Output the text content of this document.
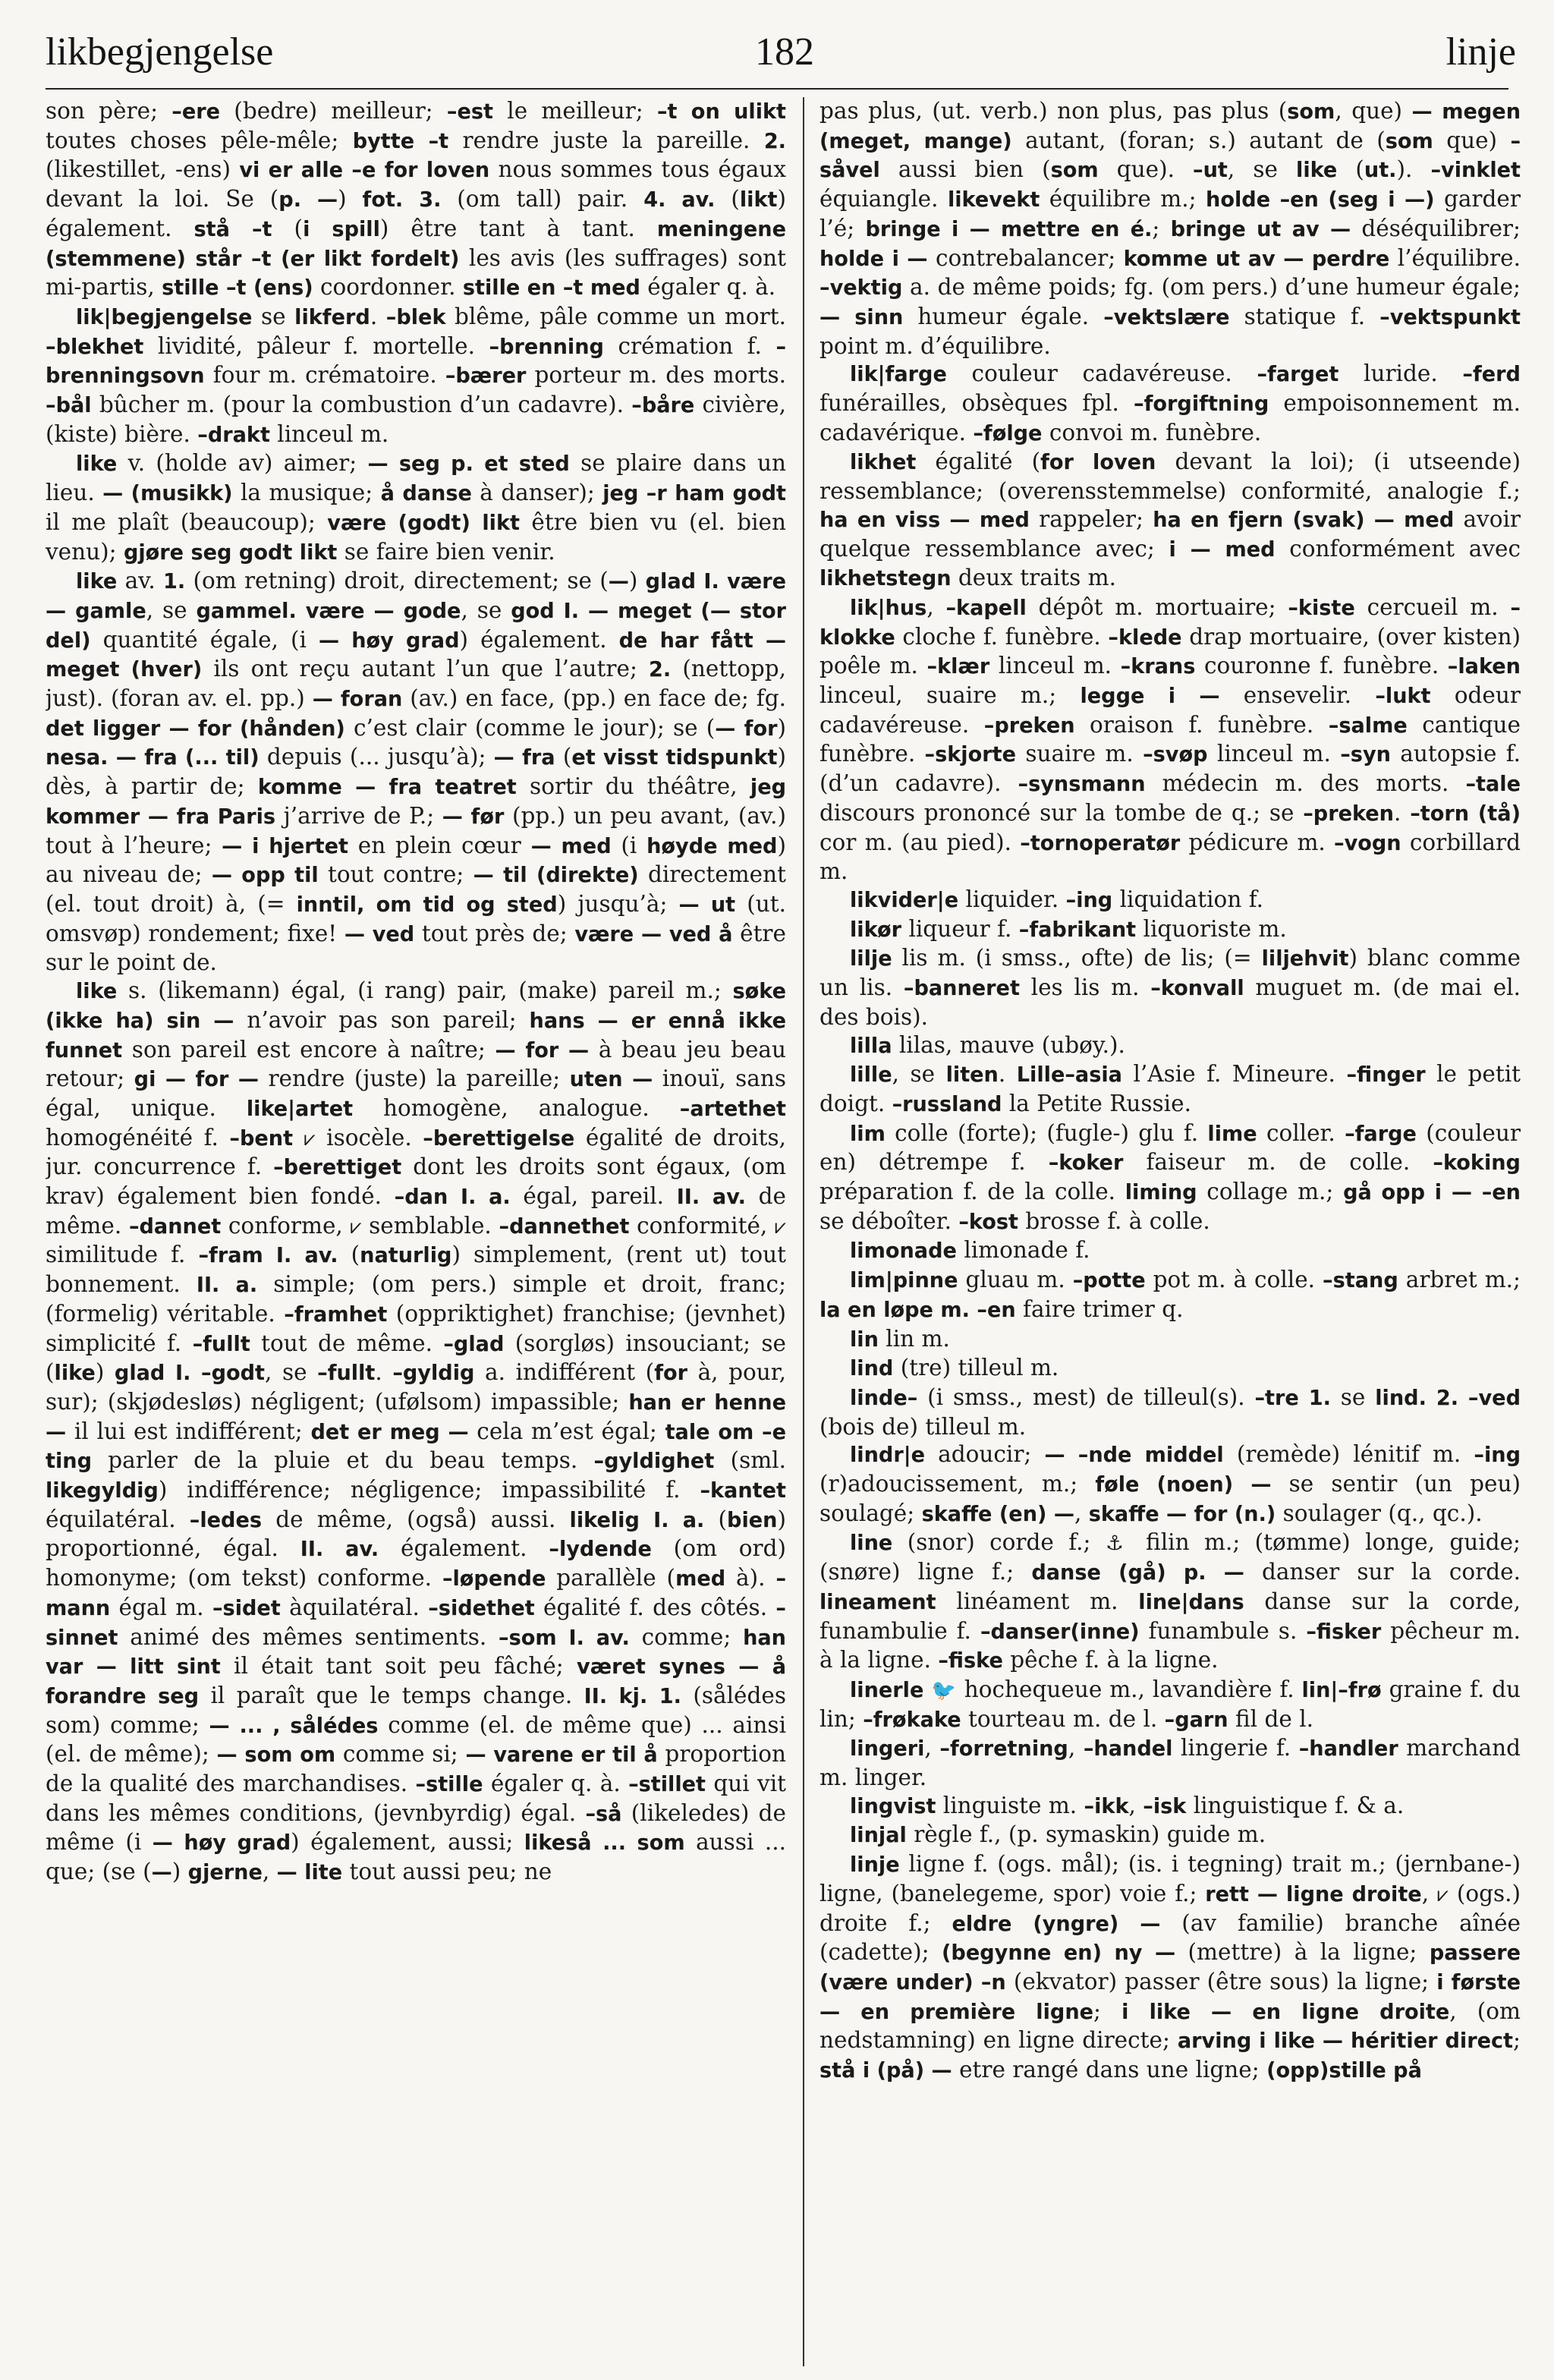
likbegjengelse	182	linje

son père; –ere (bedre) meilleur; –est le meilleur; –t on ulikt toutes choses pêle-mêle; bytte –t rendre juste la pareille. 2. (likestillet, -ens) vi er alle –e for loven nous sommes tous égaux devant la loi. Se (p. —) fot. 3. (om tall) pair. 4. av. (likt) également. stå –t (i spill) être tant à tant. meningene (stemmene) står –t (er likt fordelt) les avis (les suffrages) sont mi-partis, stille –t (ens) coordonner. stille en –t med égaler q. à.

lik|begjengelse se likferd. –blek blême, pâle comme un mort. –blekhet lividité, pâleur f. mortelle. –brenning crémation f. –brenningsovn four m. crématoire. –bærer porteur m. des morts. –bål bûcher m. (pour la combustion d’un cadavre). –båre civière, (kiste) bière. –drakt linceul m.

like v. (holde av) aimer; — seg p. et sted se plaire dans un lieu. — (musikk) la musique; å danse à danser); jeg –r ham godt il me plaît (beaucoup); være (godt) likt être bien vu (el. bien venu); gjøre seg godt likt se faire bien venir.

like av. 1. (om retning) droit, directement; se (—) glad I. være — gamle, se gammel. være — gode, se god I. — meget (— stor del) quantité égale, (i — høy grad) également. de har fått — meget (hver) ils ont reçu autant l’un que l’autre; 2. (nettopp, just). (foran av. el. pp.) — foran (av.) en face, (pp.) en face de; fg. det ligger — for (hånden) c’est clair (comme le jour); se (— for) nesa. — fra (... til) depuis (... jusqu’à); — fra (et visst tidspunkt) dès, à partir de; komme — fra teatret sortir du théâtre, jeg kommer — fra Paris j’arrive de P.; — før (pp.) un peu avant, (av.) tout à l’heure; — i hjertet en plein cœur — med (i høyde med) au niveau de; — opp til tout contre; — til (direkte) directement (el. tout droit) à, (= inntil, om tid og sted) jusqu’à; — ut (ut. omsvøp) rondement; fixe! — ved tout près de; være — ved å être sur le point de.

like s. (likemann) égal, (i rang) pair, (make) pareil m.; søke (ikke ha) sin — n’avoir pas son pareil; hans — er ennå ikke funnet son pareil est encore à naître; — for — à beau jeu beau retour; gi — for — rendre (juste) la pareille; uten — inouï, sans égal, unique. like|artet homogène, analogue. –artethet homogénéité f. –bent ⩗ isocèle. –berettigelse égalité de droits, jur. concurrence f. –berettiget dont les droits sont égaux, (om krav) également bien fondé. –dan I. a. égal, pareil. II. av. de même. –dannet conforme, ⩗ semblable. –dannethet conformité, ⩗ similitude f. –fram I. av. (naturlig) simplement, (rent ut) tout bonnement. II. a. simple; (om pers.) simple et droit, franc; (formelig) véritable. –framhet (oppriktighet) franchise; (jevnhet) simplicité f. –fullt tout de même. –glad (sorgløs) insouciant; se (like) glad I. –godt, se –fullt. –gyldig a. indifférent (for à, pour, sur); (skjødesløs) négligent; (ufølsom) impassible; han er henne — il lui est indifférent; det er meg — cela m’est égal; tale om –e ting parler de la pluie et du beau temps. –gyldighet (sml. likegyldig) indifférence; négligence; impassibilité f. –kantet équilatéral. –ledes de même, (også) aussi. likelig I. a. (bien) proportionné, égal. II. av. également. –lydende (om ord) homonyme; (om tekst) conforme. –løpende parallèle (med à). –mann égal m. –sidet àquilatéral. –sidethet égalité f. des côtés. –sinnet animé des mêmes sentiments. –som I. av. comme; han var — litt sint il était tant soit peu fâché; været synes — å forandre seg il paraît que le temps change. II. kj. 1. (sålédes som) comme; — ... , sålédes comme (el. de même que) ... ainsi (el. de même); — som om comme si; — varene er til å proportion de la qualité des marchandises. –stille égaler q. à. –stillet qui vit dans les mêmes conditions, (jevnbyrdig) égal. –så (likeledes) de même (i — høy grad) également, aussi; likeså ... som aussi ... que; (se (—) gjerne, — lite tout aussi peu; ne

pas plus, (ut. verb.) non plus, pas plus (som, que) — megen (meget, mange) autant, (foran; s.) autant de (som que) –såvel aussi bien (som que). –ut, se like (ut.). –vinklet équiangle. likevekt équilibre m.; holde –en (seg i —) garder l’é; bringe i — mettre en é.; bringe ut av — déséquilibrer; holde i — contrebalancer; komme ut av — perdre l’équilibre. –vektig a. de même poids; fg. (om pers.) d’une humeur égale; — sinn humeur égale. –vektslære statique f. –vektspunkt point m. d’équilibre.

lik|farge couleur cadavéreuse. –farget luride. –ferd funérailles, obsèques fpl. –forgiftning empoisonnement m. cadavérique. –følge convoi m. funèbre.

likhet égalité (for loven devant la loi); (i utseende) ressemblance; (overensstemmelse) conformité, analogie f.; ha en viss — med rappeler; ha en fjern (svak) — med avoir quelque ressemblance avec; i — med conformément avec likhetstegn deux traits m.

lik|hus, –kapell dépôt m. mortuaire; –kiste cercueil m. –klokke cloche f. funèbre. –klede drap mortuaire, (over kisten) poêle m. –klær linceul m. –krans couronne f. funèbre. –laken linceul, suaire m.; legge i — ensevelir. –lukt odeur cadavéreuse. –preken oraison f. funèbre. –salme cantique funèbre. –skjorte suaire m. –svøp linceul m. –syn autopsie f. (d’un cadavre). –synsmann médecin m. des morts. –tale discours prononcé sur la tombe de q.; se –preken. –torn (tå) cor m. (au pied). –tornoperatør pédicure m. –vogn corbillard m.

likvider|e liquider. –ing liquidation f.

likør liqueur f. –fabrikant liquoriste m.

lilje lis m. (i smss., ofte) de lis; (= liljehvit) blanc comme un lis. –banneret les lis m. –konvall muguet m. (de mai el. des bois).

lilla lilas, mauve (ubøy.).

lille, se liten. Lille–asia l’Asie f. Mineure. –finger le petit doigt. –russland la Petite Russie.

lim colle (forte); (fugle-) glu f. lime coller. –farge (couleur en) détrempe f. –koker faiseur m. de colle. –koking préparation f. de la colle. liming collage m.; gå opp i — –en se déboîter. –kost brosse f. à colle.

limonade limonade f.

lim|pinne gluau m. –potte pot m. à colle. –stang arbret m.; la en løpe m. –en faire trimer q.

lin lin m.

lind (tre) tilleul m.

linde– (i smss., mest) de tilleul(s). –tre 1. se lind. 2. –ved (bois de) tilleul m.

lindr|e adoucir; — –nde middel (remède) lénitif m. –ing (r)adoucissement, m.; føle (noen) — se sentir (un peu) soulagé; skaffe (en) —, skaffe — for (n.) soulager (q., qc.).

line (snor) corde f.; ⚓ filin m.; (tømme) longe, guide; (snøre) ligne f.; danse (gå) p. — danser sur la corde. lineament linéament m. line|dans danse sur la corde, funambulie f. –danser(inne) funambule s. –fisker pêcheur m. à la ligne. –fiske pêche f. à la ligne.

linerle 🐦 hochequeue m., lavandière f. lin|–frø graine f. du lin; –frøkake tourteau m. de l. –garn fil de l.

lingeri, –forretning, –handel lingerie f. –handler marchand m. linger.

lingvist linguiste m. –ikk, –isk linguistique f. & a.

linjal règle f., (p. symaskin) guide m.

linje ligne f. (ogs. mål); (is. i tegning) trait m.; (jernbane-) ligne, (banelegeme, spor) voie f.; rett — ligne droite, ⩗ (ogs.) droite f.; eldre (yngre) — (av familie) branche aînée (cadette); (begynne en) ny — (mettre) à la ligne; passere (være under) –n (ekvator) passer (être sous) la ligne; i første — en première ligne; i like — en ligne droite, (om nedstamning) en ligne directe; arving i like — héritier direct; stå i (på) — etre rangé dans une ligne; (opp)stille på
